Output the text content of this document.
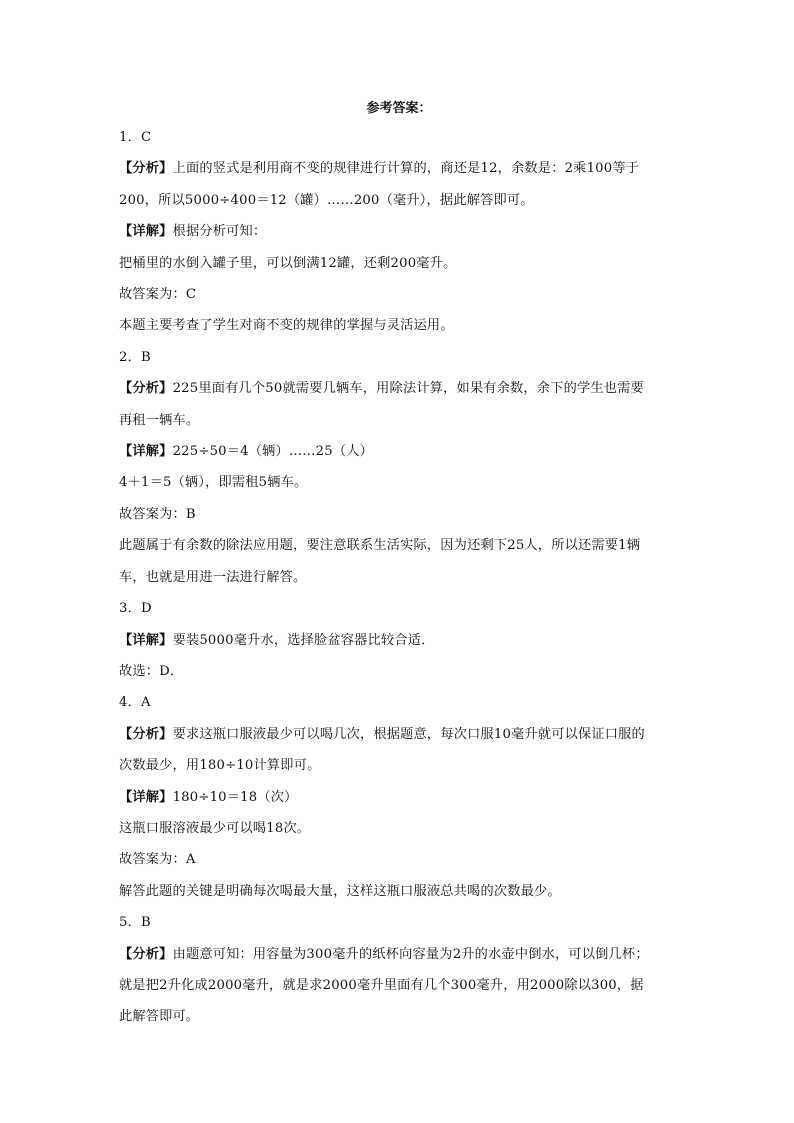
参考答案：
1．C
【分析】上面的竖式是利用商不变的规律进行计算的，商还是12，余数是：2乘100等于
200，所以5000÷400＝12（罐）……200（毫升），据此解答即可。
【详解】根据分析可知：
把桶里的水倒入罐子里，可以倒满12罐，还剩200毫升。
故答案为：C
本题主要考查了学生对商不变的规律的掌握与灵活运用。
2．B
【分析】225里面有几个50就需要几辆车，用除法计算，如果有余数，余下的学生也需要
再租一辆车。
【详解】225÷50＝4（辆）……25（人）
4＋1＝5（辆），即需租5辆车。
故答案为：B
此题属于有余数的除法应用题，要注意联系生活实际，因为还剩下25人，所以还需要1辆
车，也就是用进一法进行解答。
3．D
【详解】要装5000毫升水，选择脸盆容器比较合适．
故选：D．
4．A
【分析】要求这瓶口服液最少可以喝几次，根据题意，每次口服10毫升就可以保证口服的
次数最少，用180÷10计算即可。
【详解】180÷10＝18（次）
这瓶口服溶液最少可以喝18次。
故答案为：A
解答此题的关键是明确每次喝最大量，这样这瓶口服液总共喝的次数最少。
5．B
【分析】由题意可知：用容量为300毫升的纸杯向容量为2升的水壶中倒水，可以倒几杯；
就是把2升化成2000毫升，就是求2000毫升里面有几个300毫升，用2000除以300，据
此解答即可。
